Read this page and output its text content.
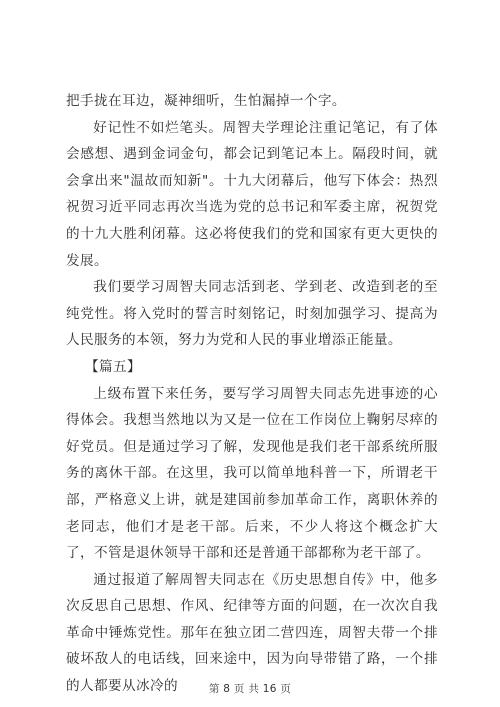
把手拢在耳边，凝神细听，生怕漏掉一个字。

好记性不如烂笔头。周智夫学理论注重记笔记，有了体会感想、遇到金词金句，都会记到笔记本上。隔段时间，就会拿出来"温故而知新"。十九大闭幕后，他写下体会：热烈祝贺习近平同志再次当选为党的总书记和军委主席，祝贺党的十九大胜利闭幕。这必将使我们的党和国家有更大更快的发展。

我们要学习周智夫同志活到老、学到老、改造到老的至纯党性。将入党时的誓言时刻铭记，时刻加强学习、提高为人民服务的本领，努力为党和人民的事业增添正能量。

【篇五】

上级布置下来任务，要写学习周智夫同志先进事迹的心得体会。我想当然地以为又是一位在工作岗位上鞠躬尽瘁的好党员。但是通过学习了解，发现他是我们老干部系统所服务的离休干部。在这里，我可以简单地科普一下，所谓老干部，严格意义上讲，就是建国前参加革命工作，离职休养的老同志，他们才是老干部。后来，不少人将这个概念扩大了，不管是退休领导干部和还是普通干部都称为老干部了。

通过报道了解周智夫同志在《历史思想自传》中，他多次反思自己思想、作风、纪律等方面的问题，在一次次自我革命中锤炼党性。那年在独立团二营四连，周智夫带一个排破坏敌人的电话线，回来途中，因为向导带错了路，一个排的人都要从冰冷的	第 8 页 共 16 页
